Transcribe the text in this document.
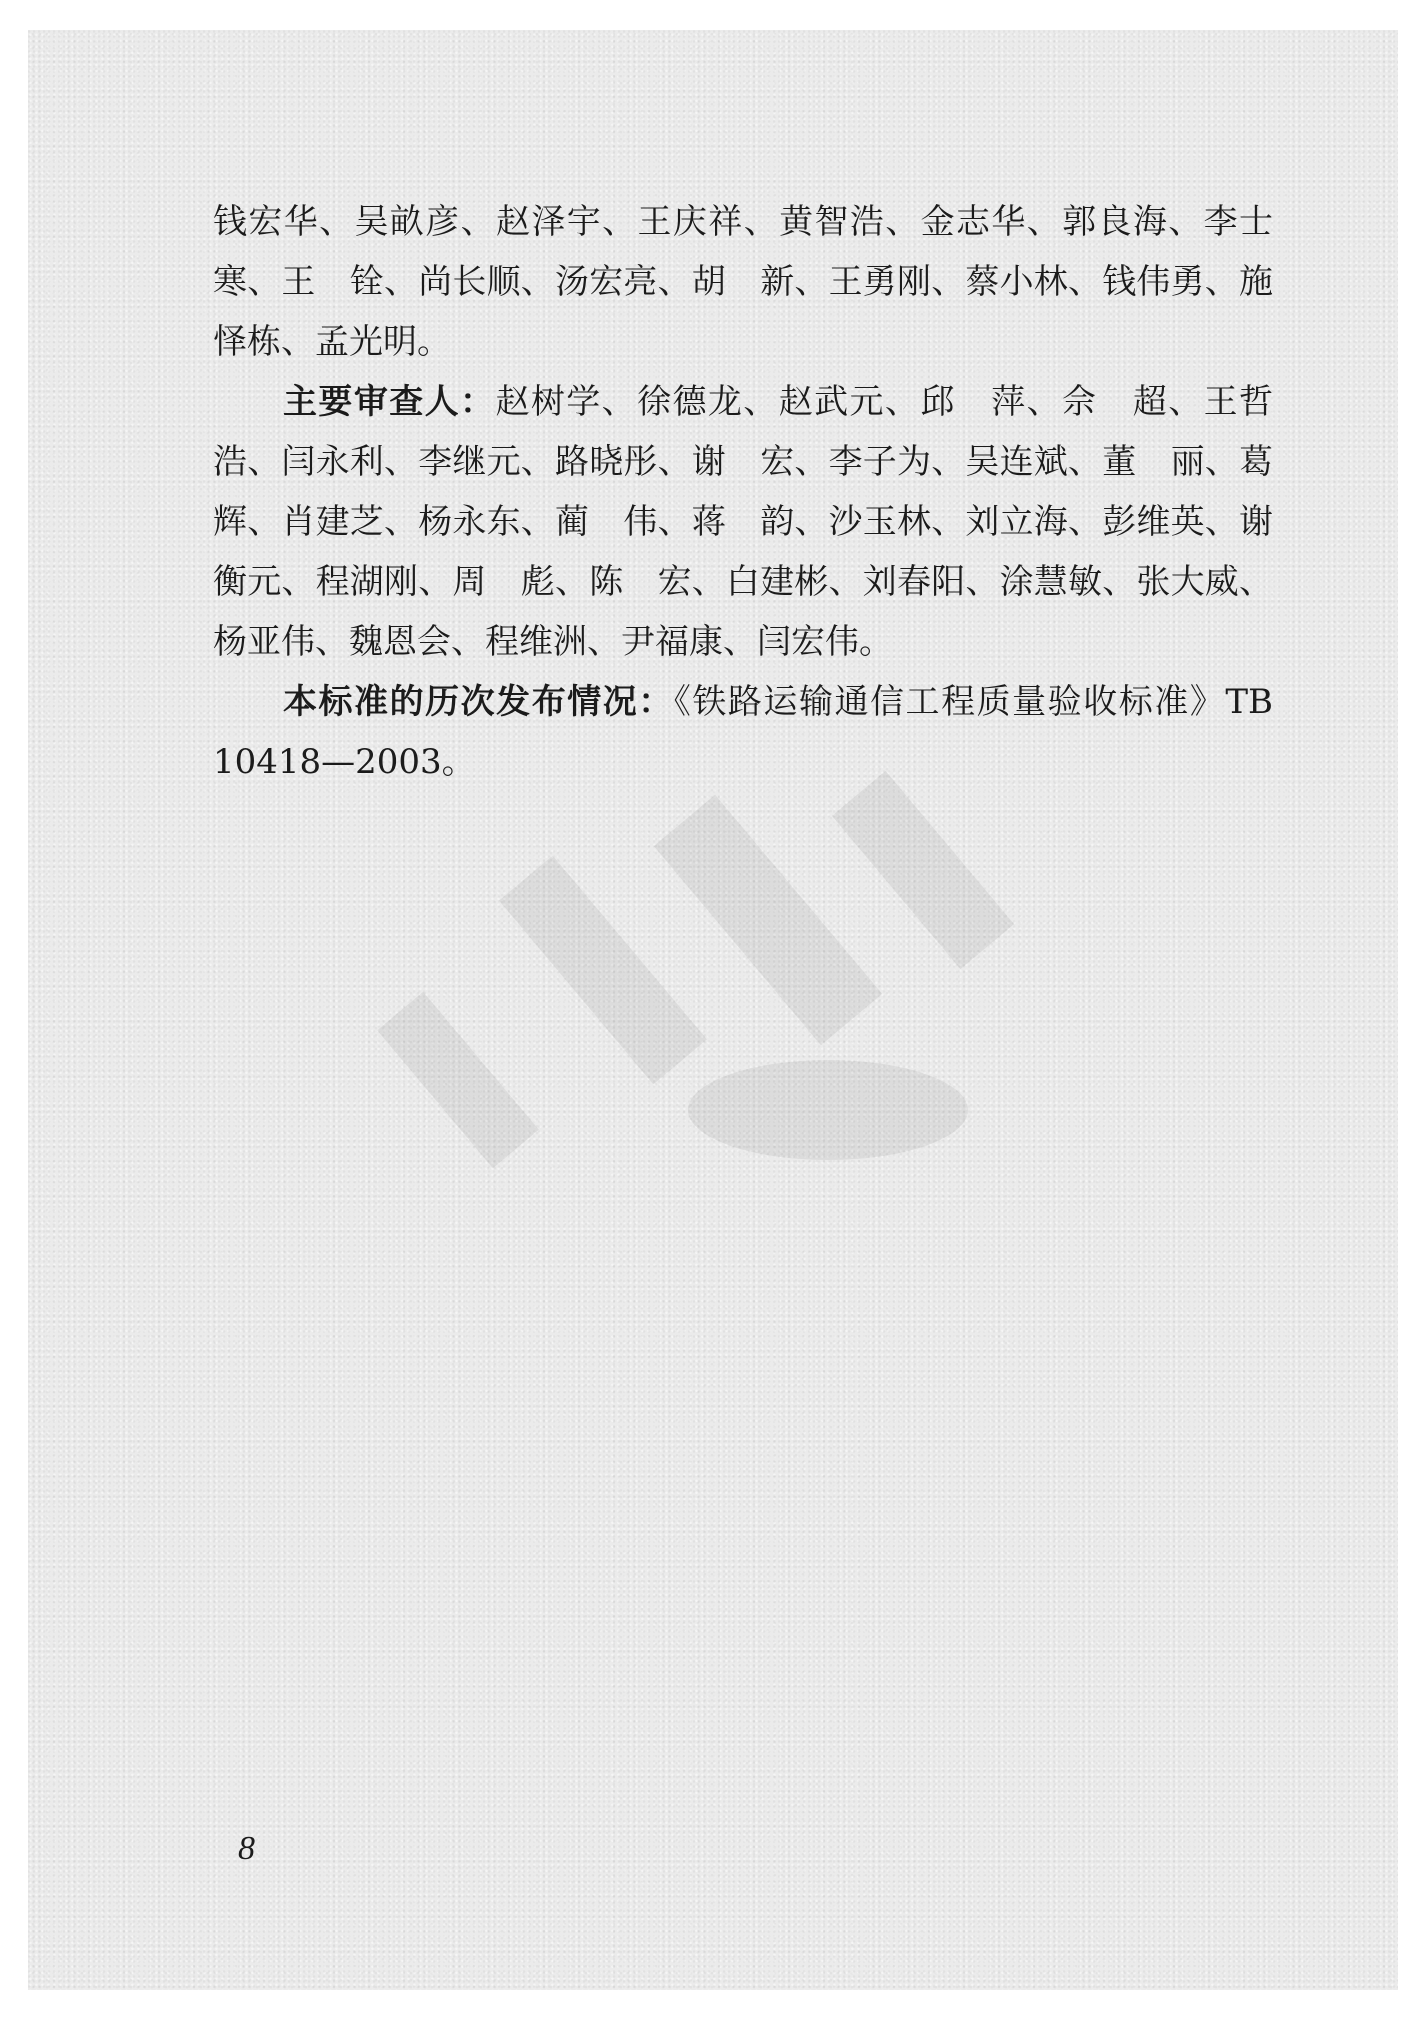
钱宏华、吴畝彦、赵泽宇、王庆祥、黄智浩、金志华、郭良海、李士寒、王　铨、尚长顺、汤宏亮、胡　新、王勇刚、蔡小林、钱伟勇、施怿栋、孟光明。

主要审查人：赵树学、徐德龙、赵武元、邱　萍、佘　超、王哲浩、闫永利、李继元、路晓彤、谢　宏、李子为、吴连斌、董　丽、葛　辉、肖建芝、杨永东、蔺　伟、蒋　韵、沙玉林、刘立海、彭维英、谢衡元、程湖刚、周　彪、陈　宏、白建彬、刘春阳、涂慧敏、张大威、杨亚伟、魏恩会、程维洲、尹福康、闫宏伟。

本标准的历次发布情况：《铁路运输通信工程质量验收标准》TB 10418—2003。

8
